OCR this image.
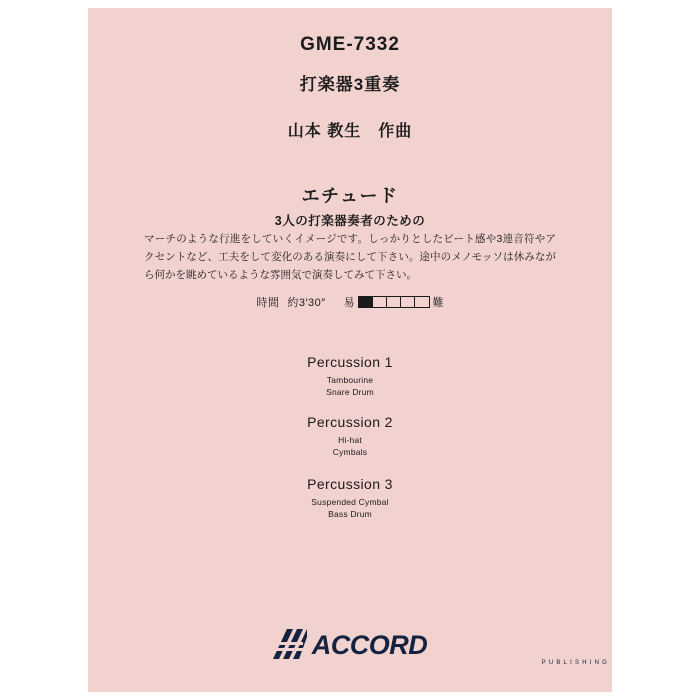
GME-7332
打楽器3重奏
山本 教生　作曲
エチュード
3人の打楽器奏者のための
マーチのような行進をしていくイメージです。しっかりとしたビート感や3連音符やアクセントなど、工夫をして変化のある演奏にして下さい。途中のメノモッソは休みながら何かを眺めているような雰囲気で演奏してみて下さい。
時間 約3′30″ 易	難
Percussion 1
Tambourine
Snare Drum
Percussion 2
Hi-hat
Cymbals
Percussion 3
Suspended Cymbal
Bass Drum
ACCORD
PUBLISHING
